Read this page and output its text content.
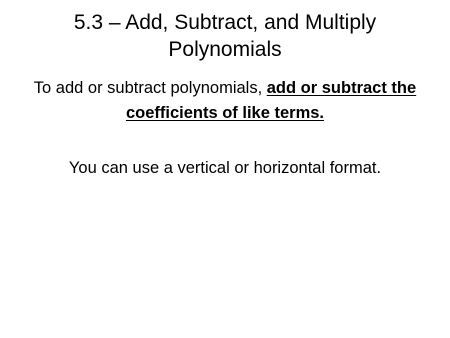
5.3 – Add, Subtract, and Multiply Polynomials

To add or subtract polynomials, add or subtract the coefficients of like terms.

You can use a vertical or horizontal format.
